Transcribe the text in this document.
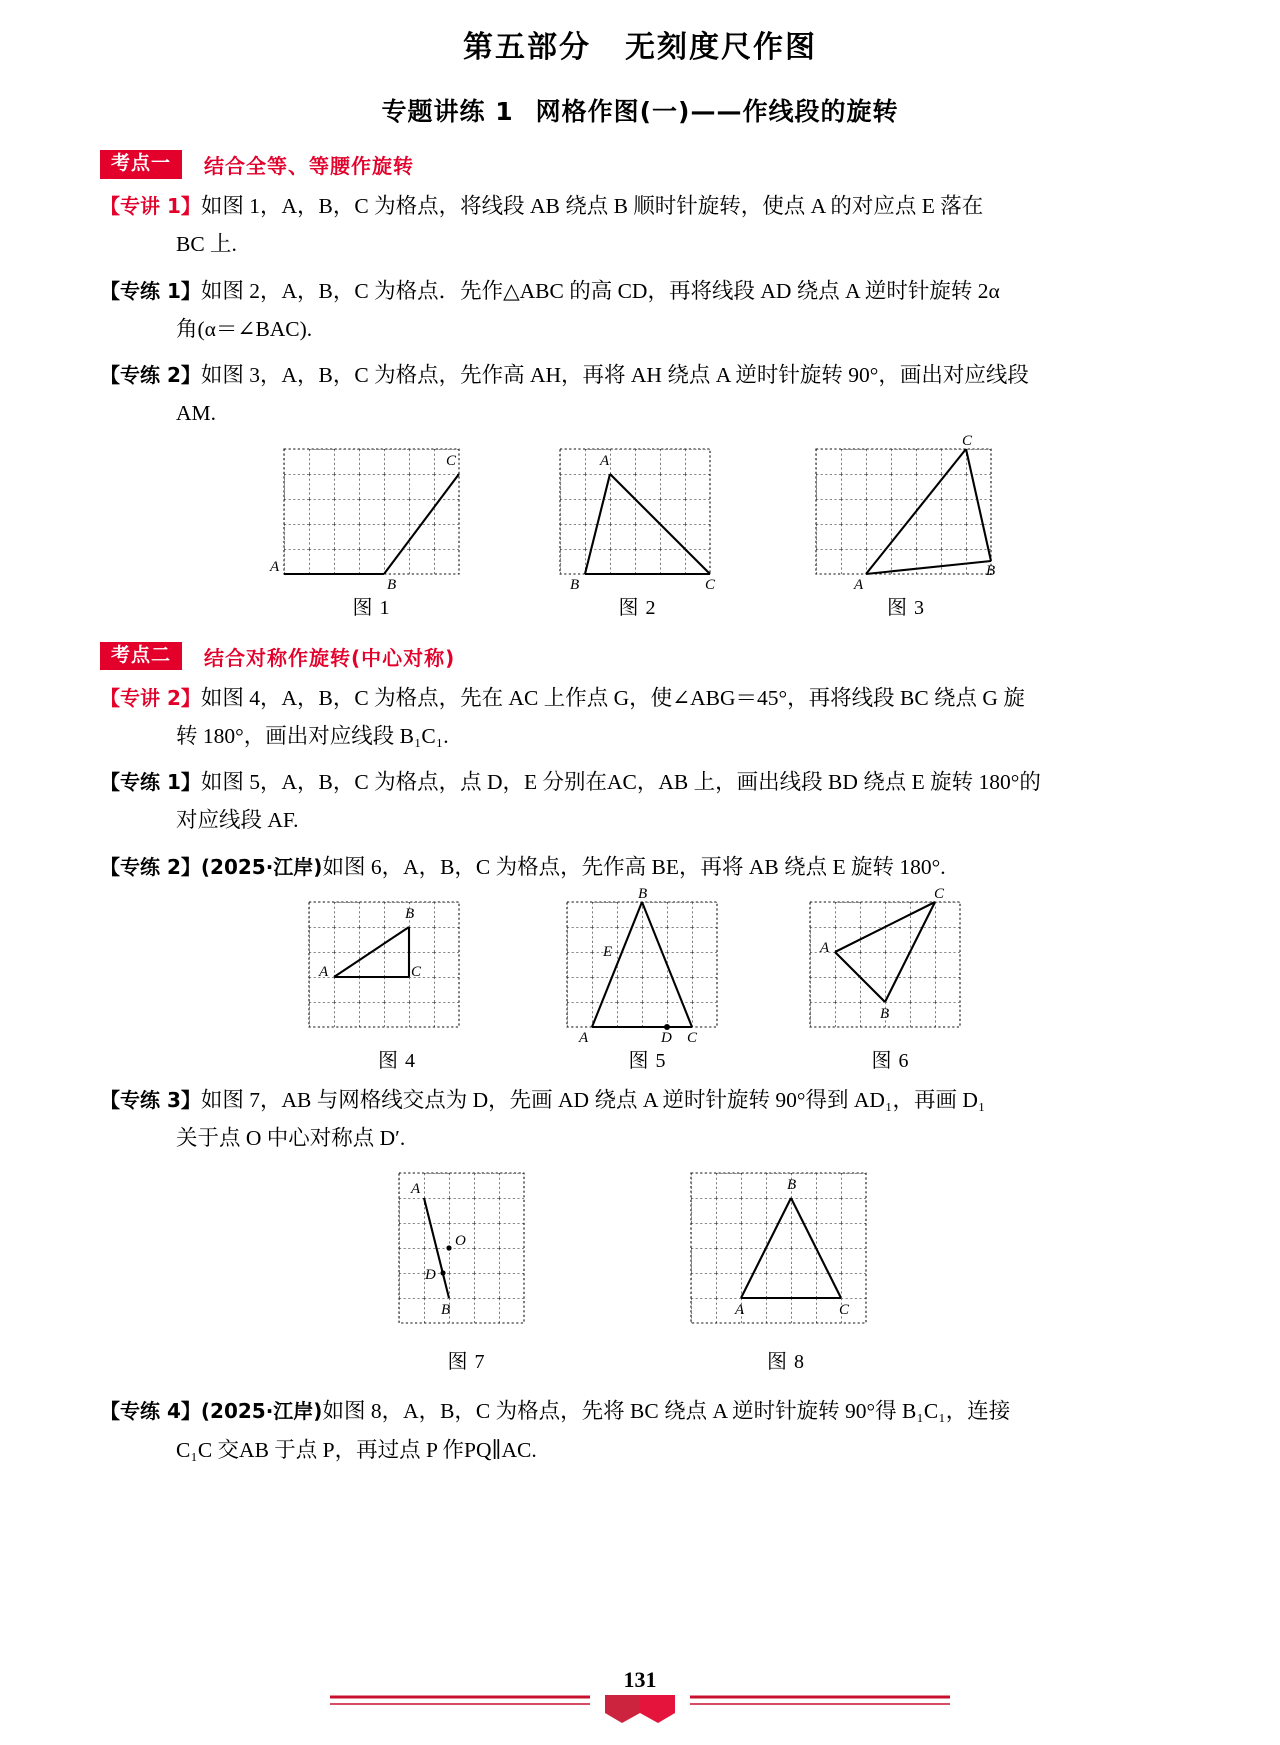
第五部分 无刻度尺作图
专题讲练 1 网格作图(一)——作线段的旋转
考点一	结合全等、等腰作旋转
【专讲 1】如图 1，A，B，C 为格点，将线段 AB 绕点 B 顺时针旋转，使点 A 的对应点 E 落在
BC 上.
【专练 1】如图 2，A，B，C 为格点．先作△ABC 的高 CD，再将线段 AD 绕点 A 逆时针旋转 2α
角(α＝∠BAC).
【专练 2】如图 3，A，B，C 为格点，先作高 AH，再将 AH 绕点 A 逆时针旋转 90°，画出对应线段
AM.
A
B
C
图 1
A
B	C
图 2
A
B
C
图 3
考点二	结合对称作旋转(中心对称)
【专讲 2】如图 4，A，B，C 为格点，先在 AC 上作点 G，使∠ABG＝45°，再将线段 BC 绕点 G 旋
转 180°，画出对应线段 B₁C₁.
【专练 1】如图 5，A，B，C 为格点，点 D，E 分别在AC，AB 上，画出线段 BD 绕点 E 旋转 180°的
对应线段 AF.
【专练 2】(2025·江岸)如图 6，A，B，C 为格点，先作高 BE，再将 AB 绕点 E 旋转 180°.
A
B
C
图 4
A
B
C
D
E
图 5
A
B
C
图 6
【专练 3】如图 7，AB 与网格线交点为 D，先画 AD 绕点 A 逆时针旋转 90°得到 AD₁，再画 D₁
关于点 O 中心对称点 D′.
A
D
B
O
图 7
A
B
C
图 8
【专练 4】(2025·江岸)如图 8，A，B，C 为格点，先将 BC 绕点 A 逆时针旋转 90°得 B₁C₁，连接
C₁C 交AB 于点 P，再过点 P 作PQ∥AC.
131
